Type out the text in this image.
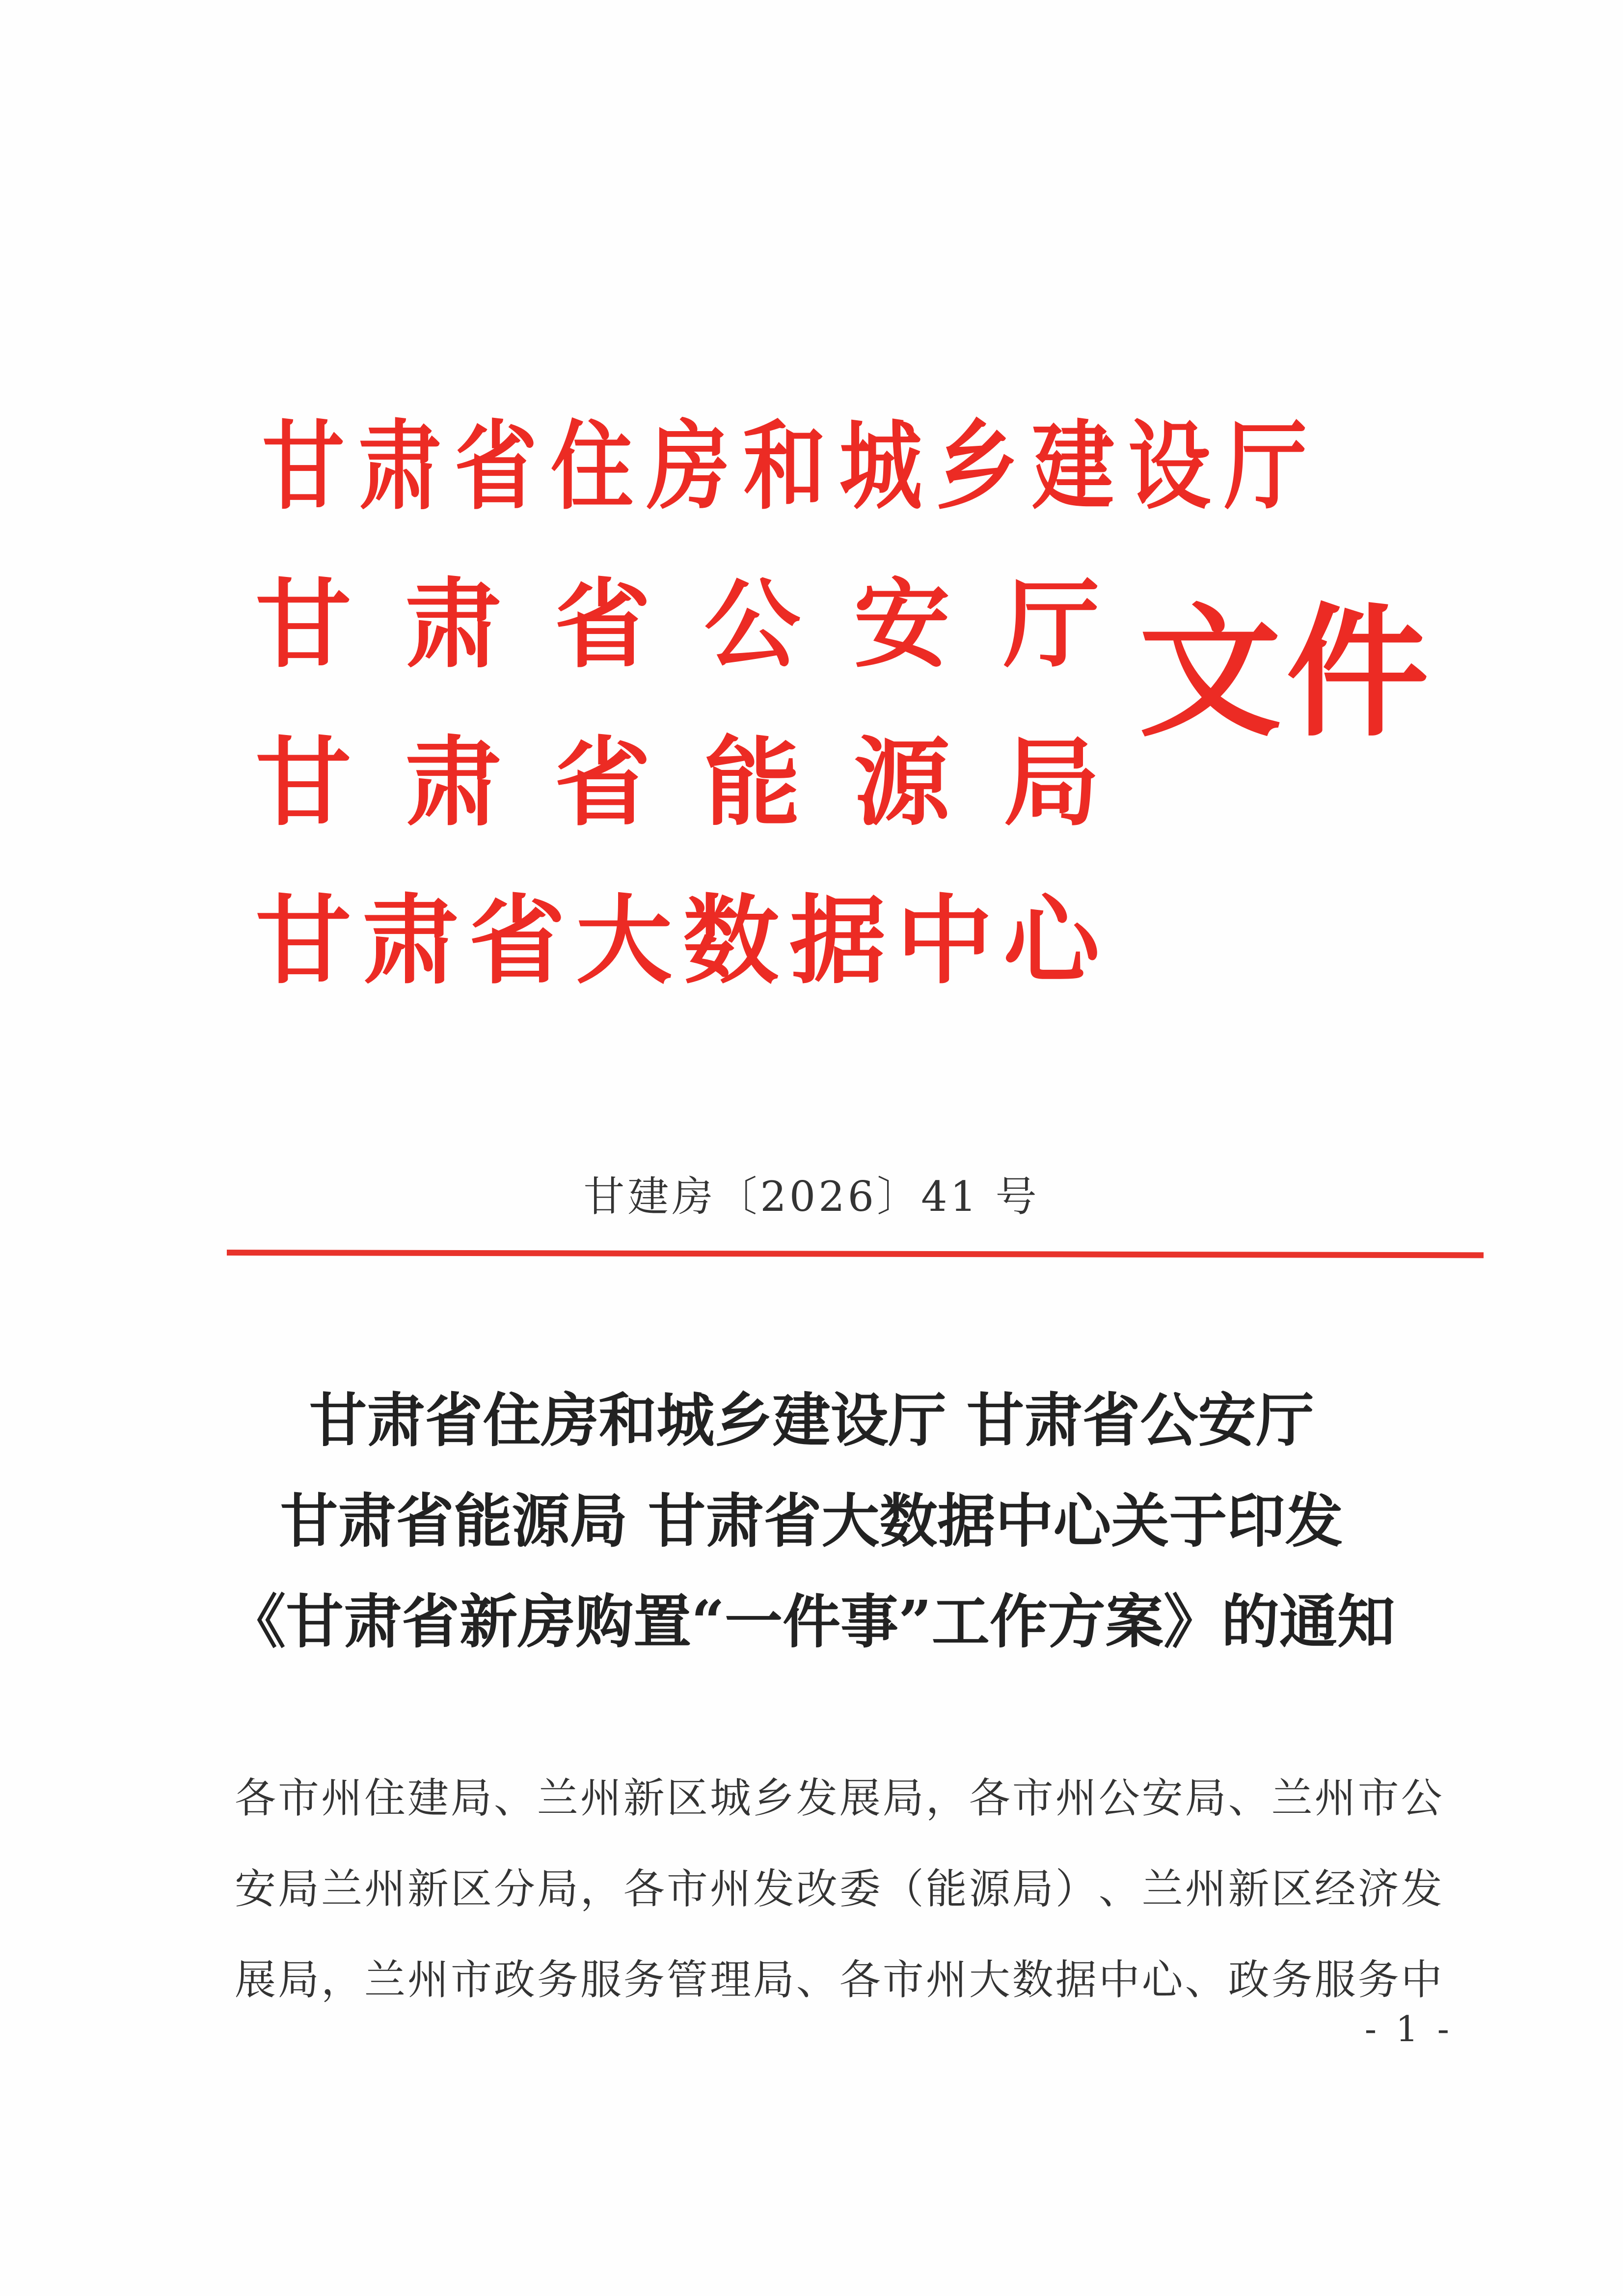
甘 肃 省 住 房 和 城 乡 建 设 厅
甘 肃 省 公 安 厅
甘 肃 省 能 源 局
甘 肃 省 大 数 据 中 心
文件
甘建房〔2026〕41 号
甘肃省住房和城乡建设厅 甘肃省公安厅
甘肃省能源局 甘肃省大数据中心关于印发
《甘肃省新房购置“一件事”工作方案》的通知
各 市 州 住 建 局 、 兰 州 新 区 城 乡 发 展 局 ， 各 市 州 公 安 局 、 兰 州 市 公
安 局 兰 州 新 区 分 局 ， 各 市 州 发 改 委 （ 能 源 局 ） 、 兰 州 新 区 经 济 发
展 局 ， 兰 州 市 政 务 服 务 管 理 局 、 各 市 州 大 数 据 中 心 、 政 务 服 务 中
- 1 -
